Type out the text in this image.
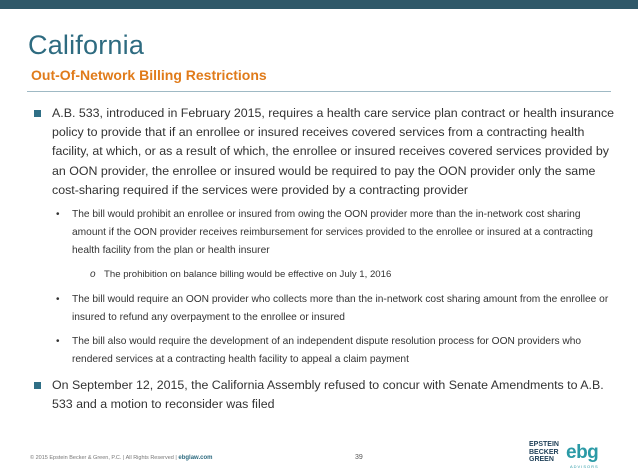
California
Out-Of-Network Billing Restrictions
A.B. 533, introduced in February 2015, requires a health care service plan contract or health insurance policy to provide that if an enrollee or insured receives covered services from a contracting health facility, at which, or as a result of which, the enrollee or insured receives covered services provided by an OON provider, the enrollee or insured would be required to pay the OON provider only the same cost-sharing required if the services were provided by a contracting provider
• The bill would prohibit an enrollee or insured from owing the OON provider more than the in-network cost sharing amount if the OON provider receives reimbursement for services provided to the enrollee or insured at a contracting health facility from the plan or health insurer
o The prohibition on balance billing would be effective on July 1, 2016
• The bill would require an OON provider who collects more than the in-network cost sharing amount from the enrollee or insured to refund any overpayment to the enrollee or insured
• The bill also would require the development of an independent dispute resolution process for OON providers who rendered services at a contracting health facility to appeal a claim payment
On September 12, 2015, the California Assembly refused to concur with Senate Amendments to A.B. 533 and a motion to reconsider was filed
© 2015 Epstein Becker & Green, P.C. | All Rights Reserved | ebglaw.com	39
EPSTEIN
BECKER
GREEN ebg
ADVISORS
